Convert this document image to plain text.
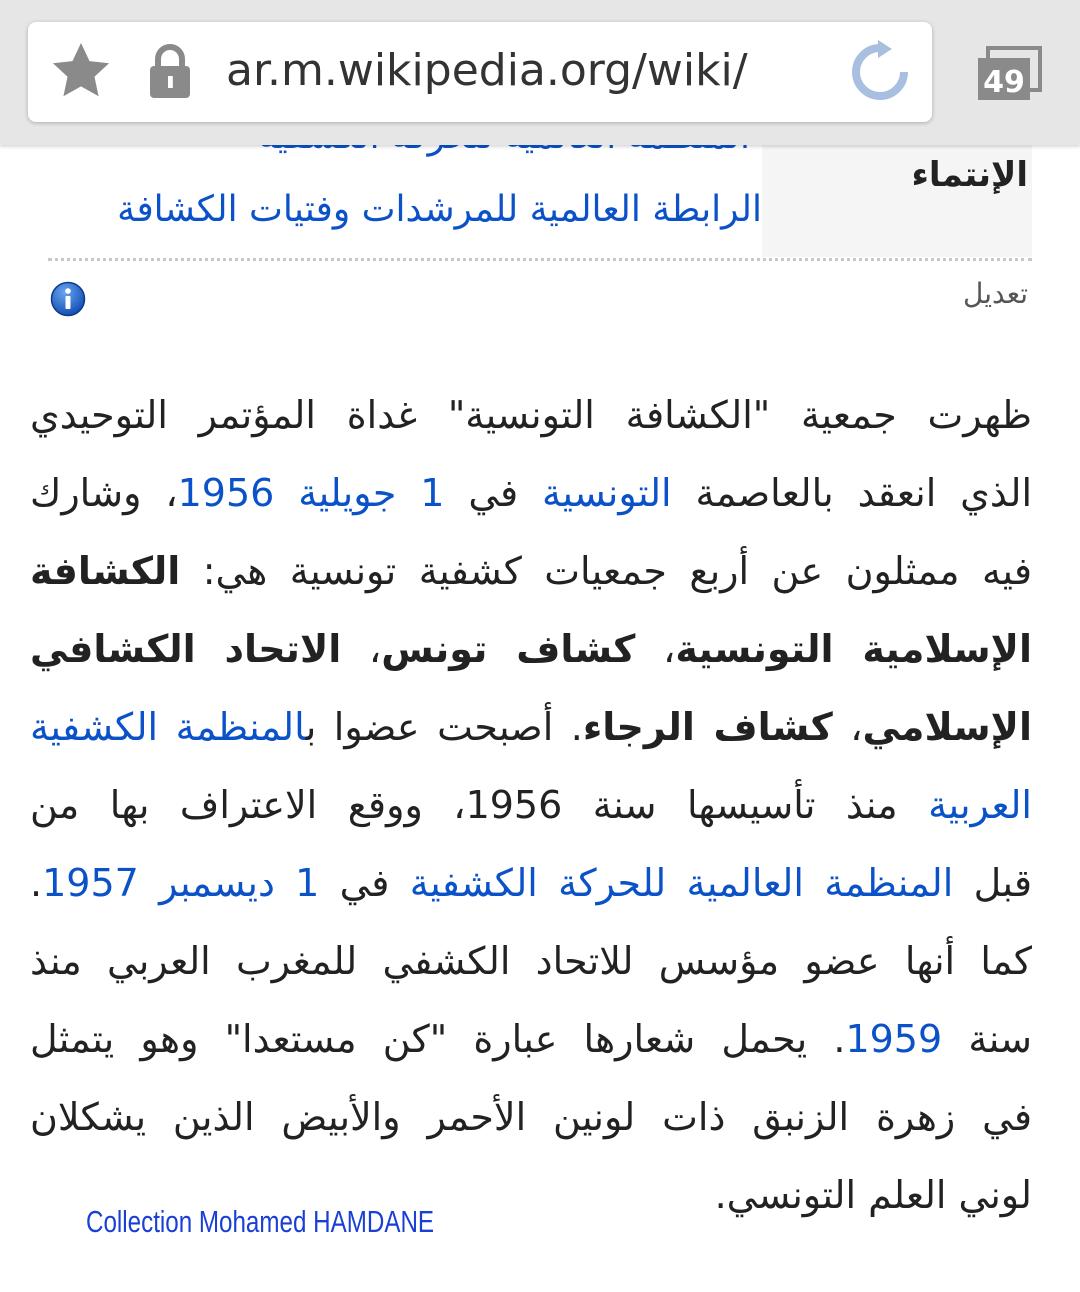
ar.m.wikipedia.org/wiki/	49
الإنتماء
الرابطة العالمية للمرشدات وفتيات الكشافة
تعديل
ظهرت جمعية "الكشافة التونسية" غداة المؤتمر التوحيدي
الذي انعقد بالعاصمة التونسية في 1 جويلية 1956، وشارك
فيه ممثلون عن أربع جمعيات كشفية تونسية هي: الكشافة
الإسلامية التونسية، كشاف تونس، الاتحاد الكشافي
الإسلامي، كشاف الرجاء. أصبحت عضوا بالمنظمة الكشفية
العربية منذ تأسيسها سنة 1956، ووقع الاعتراف بها من
قبل المنظمة العالمية للحركة الكشفية في 1 ديسمبر 1957.
كما أنها عضو مؤسس للاتحاد الكشفي للمغرب العربي منذ
سنة 1959. يحمل شعارها عبارة "كن مستعدا" وهو يتمثل
في زهرة الزنبق ذات لونين الأحمر والأبيض الذين يشكلان
لوني العلم التونسي.
Collection Mohamed HAMDANE
